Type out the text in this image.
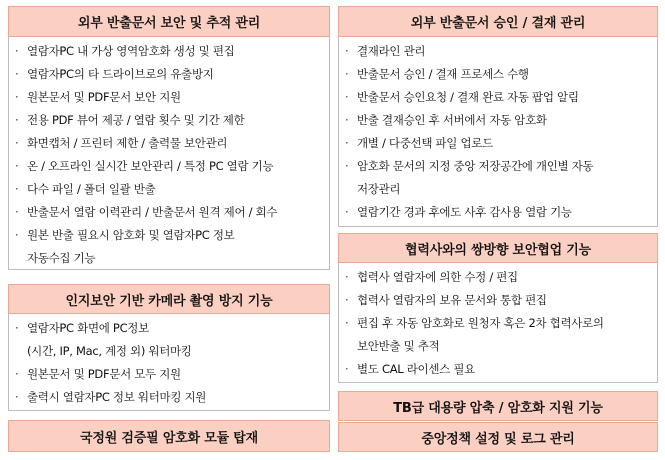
외부 반출문서 보안 및 추적 관리
· 열람자PC 내 가상 영역암호화 생성 및 편집
· 열람자PC의 타 드라이브로의 유출방지
· 원본문서 및 PDF문서 보안 지원
· 전용 PDF 뷰어 제공 / 열람 횟수 및 기간 제한
· 화면캡처 / 프린터 제한 / 출력물 보안관리
· 온 / 오프라인 실시간 보안관리 / 특정 PC 열람 기능
· 다수 파일 / 폴더 일괄 반출
· 반출문서 열람 이력관리 / 반출문서 원격 제어 / 회수
· 원본 반출 필요시 암호화 및 열람자PC 정보
자동수집 기능
인지보안 기반 카메라 촬영 방지 기능
· 열람자PC 화면에 PC정보
(시간, IP, Mac, 계정 외) 워터마킹
· 원본문서 및 PDF문서 모두 지원
· 출력시 열람자PC 정보 워터마킹 지원
국정원 검증필 암호화 모듈 탑재
외부 반출문서 승인 / 결재 관리
· 결재라인 관리
· 반출문서 승인 / 결재 프로세스 수행
· 반출문서 승인요청 / 결재 완료 자동 팝업 알림
· 반출 결재승인 후 서버에서 자동 암호화
· 개별 / 다중선택 파일 업로드
· 암호화 문서의 지정 중앙 저장공간에 개인별 자동
저장관리
· 열람기간 경과 후에도 사후 감사용 열람 기능
협력사와의 쌍방향 보안협업 기능
· 협력사 열람자에 의한 수정 / 편집
· 협력사 열람자의 보유 문서와 통합 편집
· 편집 후 자동 암호화로 원청자 혹은 2차 협력사로의
보안반출 및 추적
· 별도 CAL 라이센스 필요
TB급 대용량 압축 / 암호화 지원 기능
중앙정책 설정 및 로그 관리
